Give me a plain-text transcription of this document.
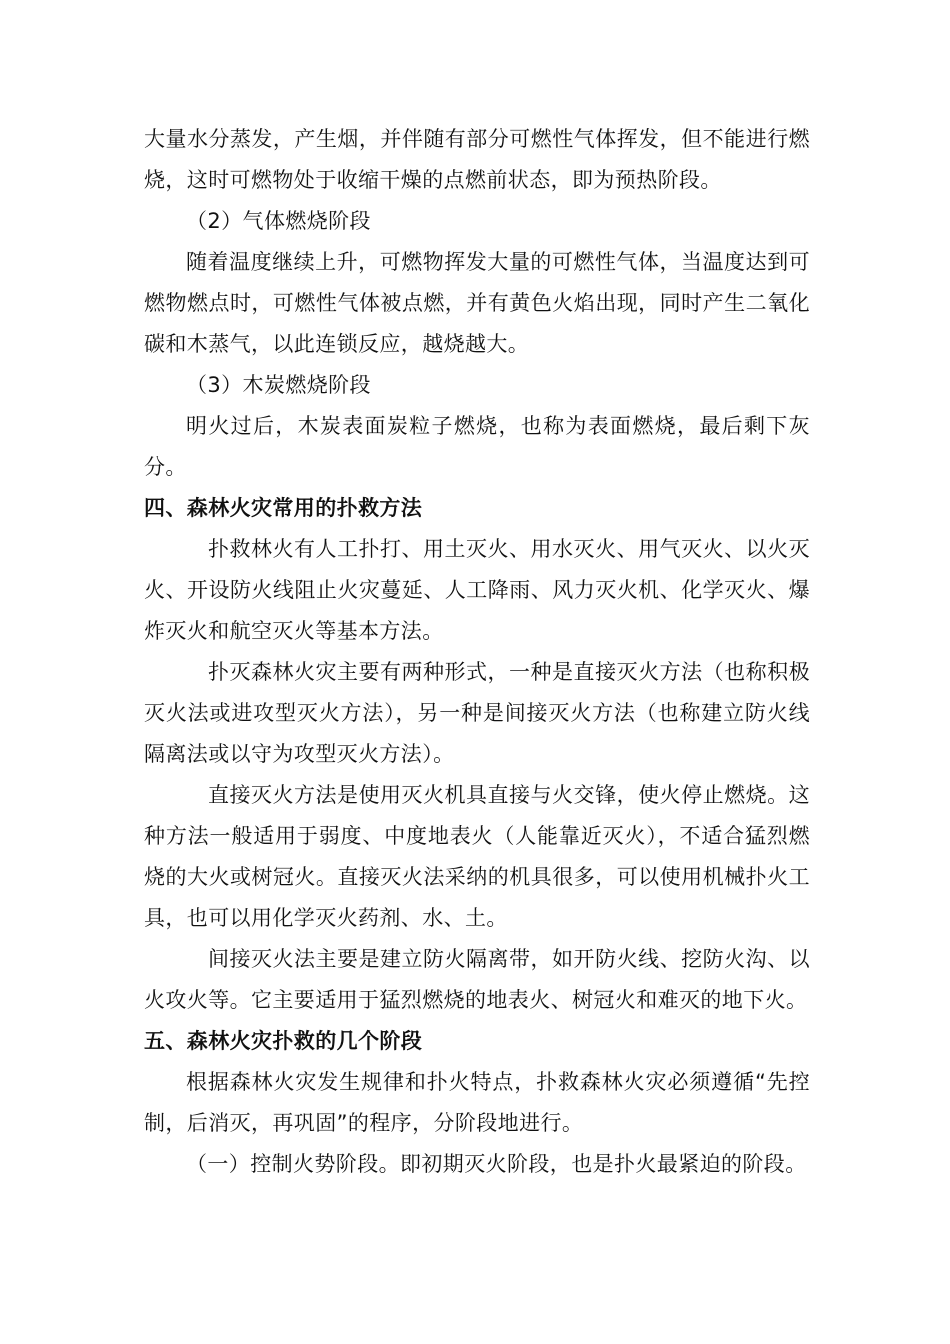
大量水分蒸发，产生烟，并伴随有部分可燃性气体挥发，但不能进行燃烧，这时可燃物处于收缩干燥的点燃前状态，即为预热阶段。

（2）气体燃烧阶段

随着温度继续上升，可燃物挥发大量的可燃性气体，当温度达到可燃物燃点时，可燃性气体被点燃，并有黄色火焰出现，同时产生二氧化碳和木蒸气，以此连锁反应，越烧越大。

（3）木炭燃烧阶段

明火过后，木炭表面炭粒子燃烧，也称为表面燃烧，最后剩下灰分。

四、森林火灾常用的扑救方法

扑救林火有人工扑打、用土灭火、用水灭火、用气灭火、以火灭火、开设防火线阻止火灾蔓延、人工降雨、风力灭火机、化学灭火、爆炸灭火和航空灭火等基本方法。

扑灭森林火灾主要有两种形式，一种是直接灭火方法（也称积极灭火法或进攻型灭火方法），另一种是间接灭火方法（也称建立防火线隔离法或以守为攻型灭火方法）。

直接灭火方法是使用灭火机具直接与火交锋，使火停止燃烧。这种方法一般适用于弱度、中度地表火（人能靠近灭火），不适合猛烈燃烧的大火或树冠火。直接灭火法采纳的机具很多，可以使用机械扑火工具，也可以用化学灭火药剂、水、土。

间接灭火法主要是建立防火隔离带，如开防火线、挖防火沟、以火攻火等。它主要适用于猛烈燃烧的地表火、树冠火和难灭的地下火。

五、森林火灾扑救的几个阶段

根据森林火灾发生规律和扑火特点，扑救森林火灾必须遵循“先控制，后消灭，再巩固”的程序，分阶段地进行。

（一）控制火势阶段。即初期灭火阶段，也是扑火最紧迫的阶段。
